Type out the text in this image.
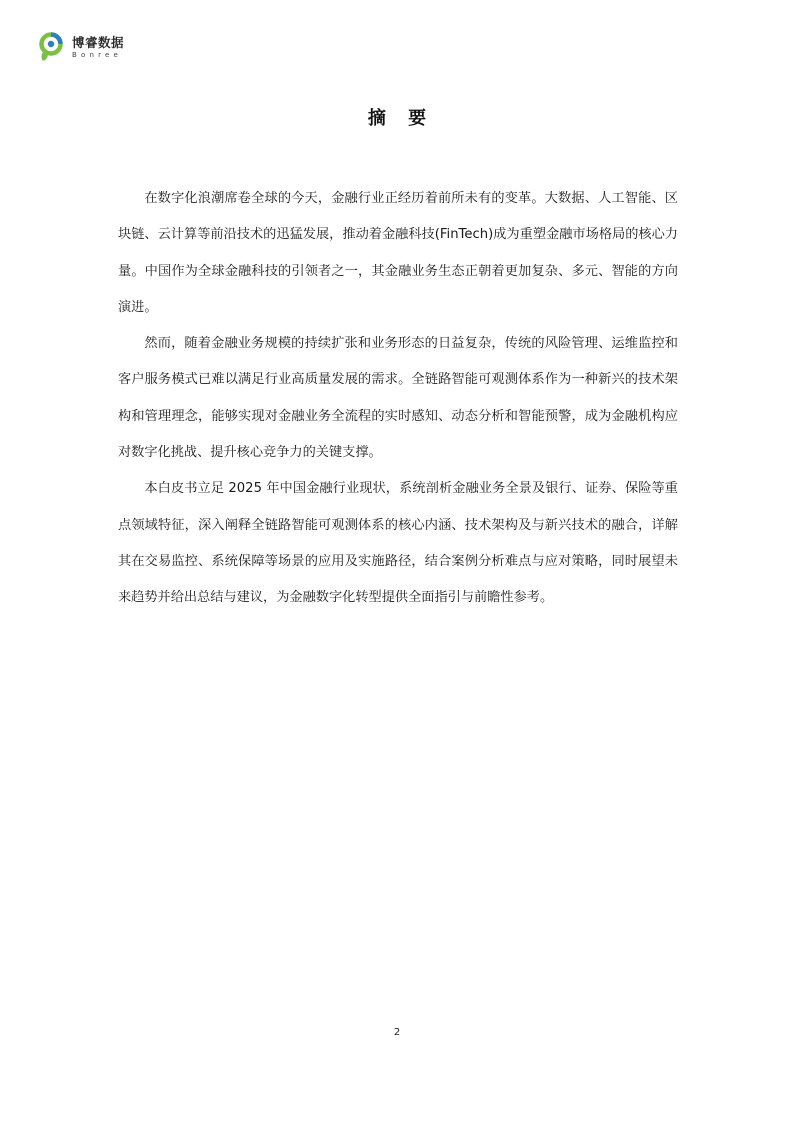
博睿数据
Bonree
摘 要

在数字化浪潮席卷全球的今天，金融行业正经历着前所未有的变革。大数据、人工智能、区块链、云计算等前沿技术的迅猛发展，推动着金融科技(FinTech)成为重塑金融市场格局的核心力量。中国作为全球金融科技的引领者之一，其金融业务生态正朝着更加复杂、多元、智能的方向演进。

然而，随着金融业务规模的持续扩张和业务形态的日益复杂，传统的风险管理、运维监控和客户服务模式已难以满足行业高质量发展的需求。全链路智能可观测体系作为一种新兴的技术架构和管理理念，能够实现对金融业务全流程的实时感知、动态分析和智能预警，成为金融机构应对数字化挑战、提升核心竞争力的关键支撑。

本白皮书立足 2025 年中国金融行业现状，系统剖析金融业务全景及银行、证券、保险等重点领域特征，深入阐释全链路智能可观测体系的核心内涵、技术架构及与新兴技术的融合，详解其在交易监控、系统保障等场景的应用及实施路径，结合案例分析难点与应对策略，同时展望未来趋势并给出总结与建议，为金融数字化转型提供全面指引与前瞻性参考。

2
